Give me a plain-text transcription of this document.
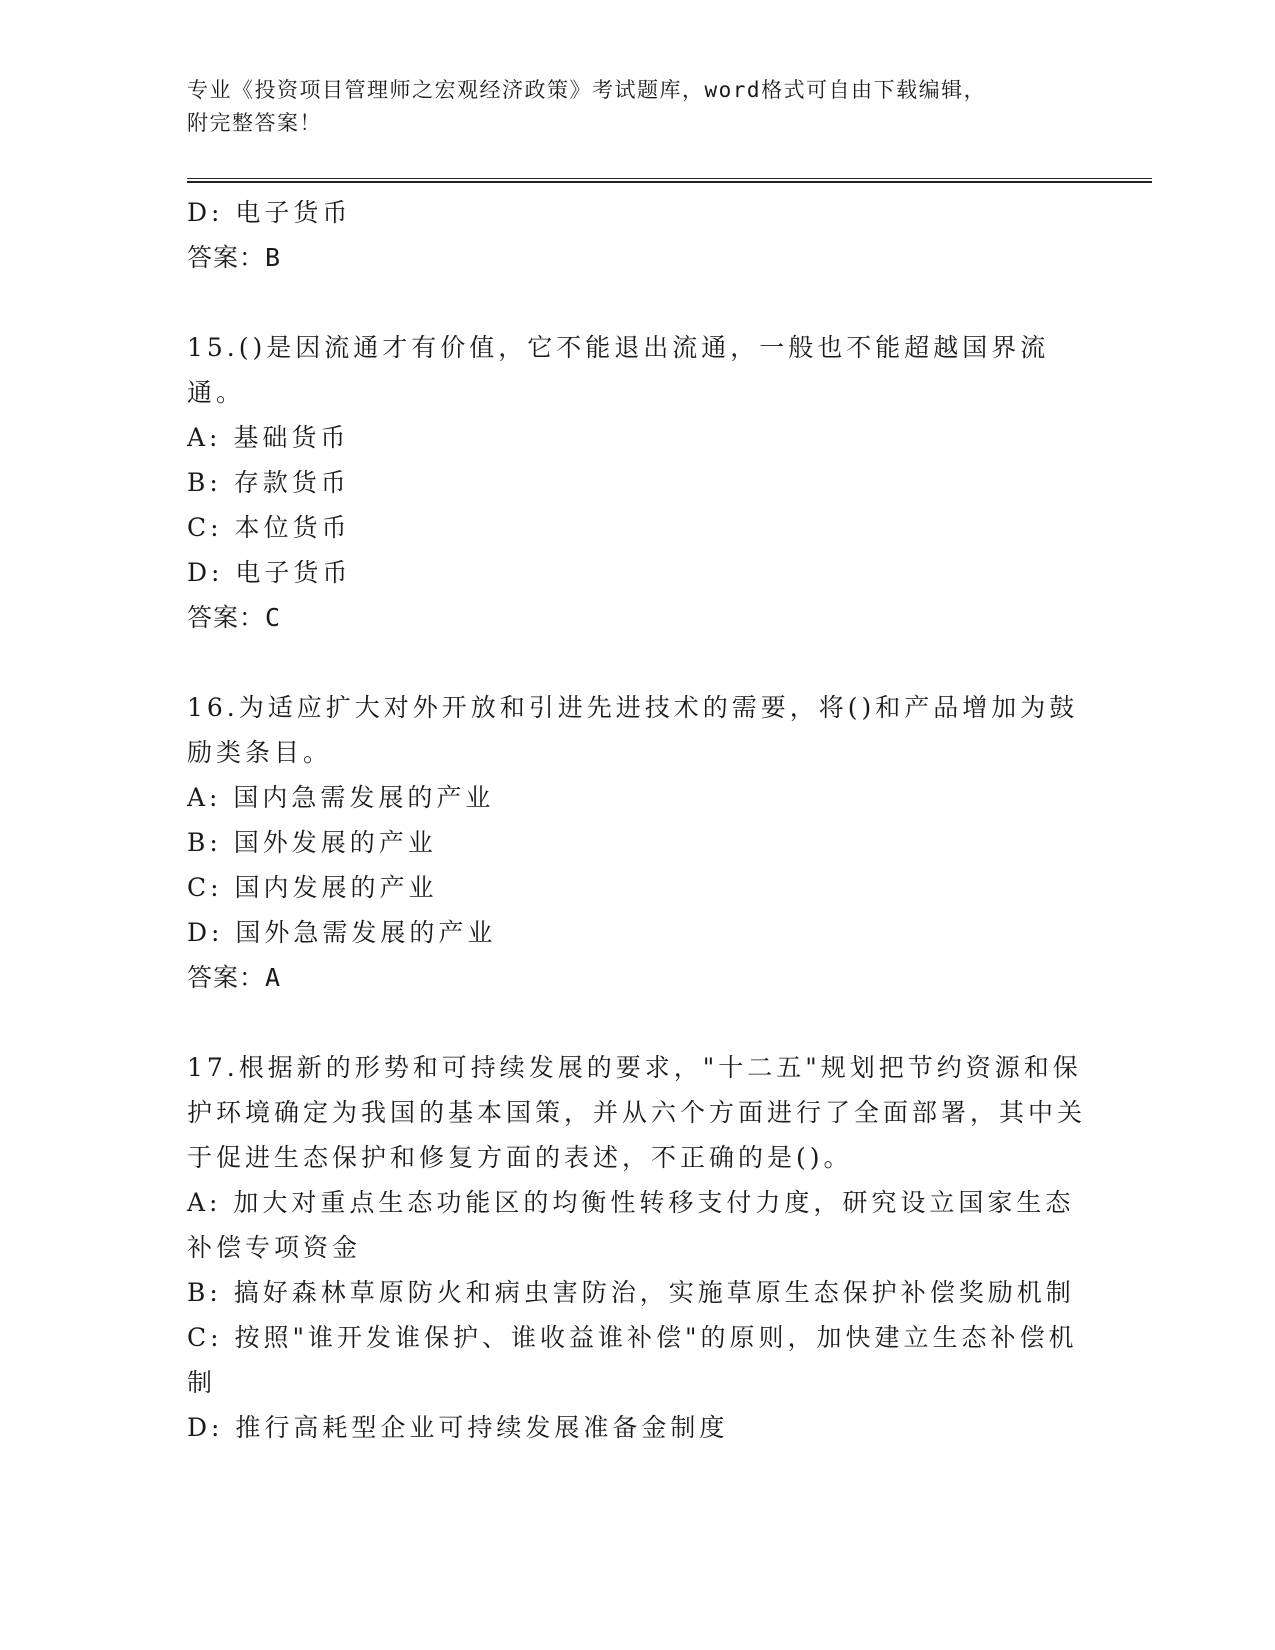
专业《投资项目管理师之宏观经济政策》考试题库，word格式可自由下载编辑，
附完整答案！
D: 电子货币
答案：B
15.()是因流通才有价值，它不能退出流通，一般也不能超越国界流通。
A: 基础货币
B: 存款货币
C: 本位货币
D: 电子货币
答案：C
16.为适应扩大对外开放和引进先进技术的需要，将()和产品增加为鼓励类条目。
A: 国内急需发展的产业
B: 国外发展的产业
C: 国内发展的产业
D: 国外急需发展的产业
答案：A
17.根据新的形势和可持续发展的要求，"十二五"规划把节约资源和保护环境确定为我国的基本国策，并从六个方面进行了全面部署，其中关于促进生态保护和修复方面的表述，不正确的是()。
A: 加大对重点生态功能区的均衡性转移支付力度，研究设立国家生态补偿专项资金
B: 搞好森林草原防火和病虫害防治，实施草原生态保护补偿奖励机制
C: 按照"谁开发谁保护、谁收益谁补偿"的原则，加快建立生态补偿机制
D: 推行高耗型企业可持续发展准备金制度
